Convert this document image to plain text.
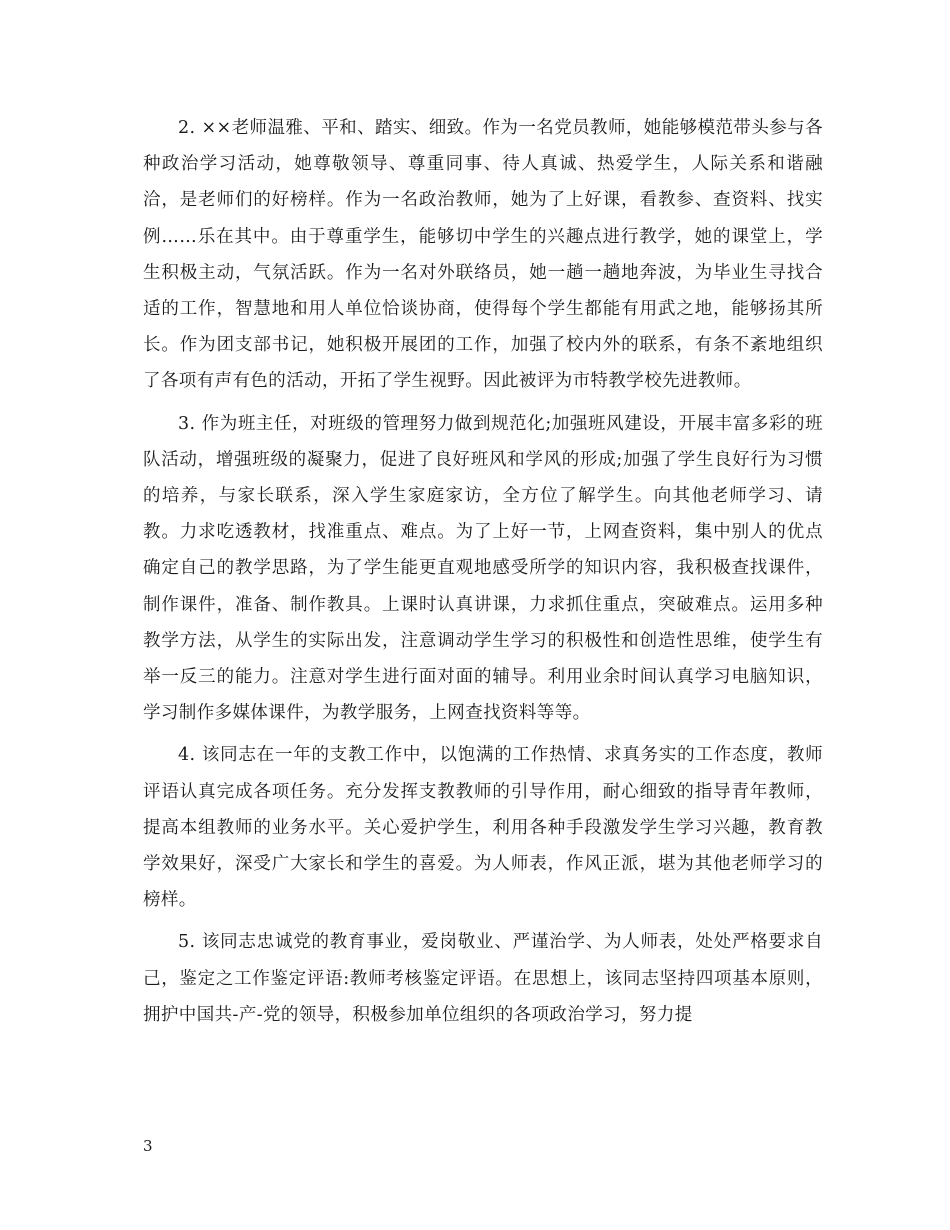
2. ××老师温雅、平和、踏实、细致。作为一名党员教师，她能够模范带头参与各种政治学习活动，她尊敬领导、尊重同事、待人真诚、热爱学生，人际关系和谐融洽，是老师们的好榜样。作为一名政治教师，她为了上好课，看教参、查资料、找实例……乐在其中。由于尊重学生，能够切中学生的兴趣点进行教学，她的课堂上，学生积极主动，气氛活跃。作为一名对外联络员，她一趟一趟地奔波，为毕业生寻找合适的工作，智慧地和用人单位恰谈协商，使得每个学生都能有用武之地，能够扬其所长。作为团支部书记，她积极开展团的工作，加强了校内外的联系，有条不紊地组织了各项有声有色的活动，开拓了学生视野。因此被评为市特教学校先进教师。

3. 作为班主任，对班级的管理努力做到规范化;加强班风建设，开展丰富多彩的班队活动，增强班级的凝聚力，促进了良好班风和学风的形成;加强了学生良好行为习惯的培养，与家长联系，深入学生家庭家访，全方位了解学生。向其他老师学习、请教。力求吃透教材，找准重点、难点。为了上好一节，上网查资料，集中别人的优点确定自己的教学思路，为了学生能更直观地感受所学的知识内容，我积极查找课件，制作课件，准备、制作教具。上课时认真讲课，力求抓住重点，突破难点。运用多种教学方法，从学生的实际出发，注意调动学生学习的积极性和创造性思维，使学生有举一反三的能力。注意对学生进行面对面的辅导。利用业余时间认真学习电脑知识，学习制作多媒体课件，为教学服务，上网查找资料等等。

4. 该同志在一年的支教工作中，以饱满的工作热情、求真务实的工作态度，教师评语认真完成各项任务。充分发挥支教教师的引导作用，耐心细致的指导青年教师，提高本组教师的业务水平。关心爱护学生，利用各种手段激发学生学习兴趣，教育教学效果好，深受广大家长和学生的喜爱。为人师表，作风正派，堪为其他老师学习的榜样。

5. 该同志忠诚党的教育事业，爱岗敬业、严谨治学、为人师表，处处严格要求自己，鉴定之工作鉴定评语:教师考核鉴定评语。在思想上，该同志坚持四项基本原则，拥护中国共-产-党的领导，积极参加单位组织的各项政治学习，努力提

3
